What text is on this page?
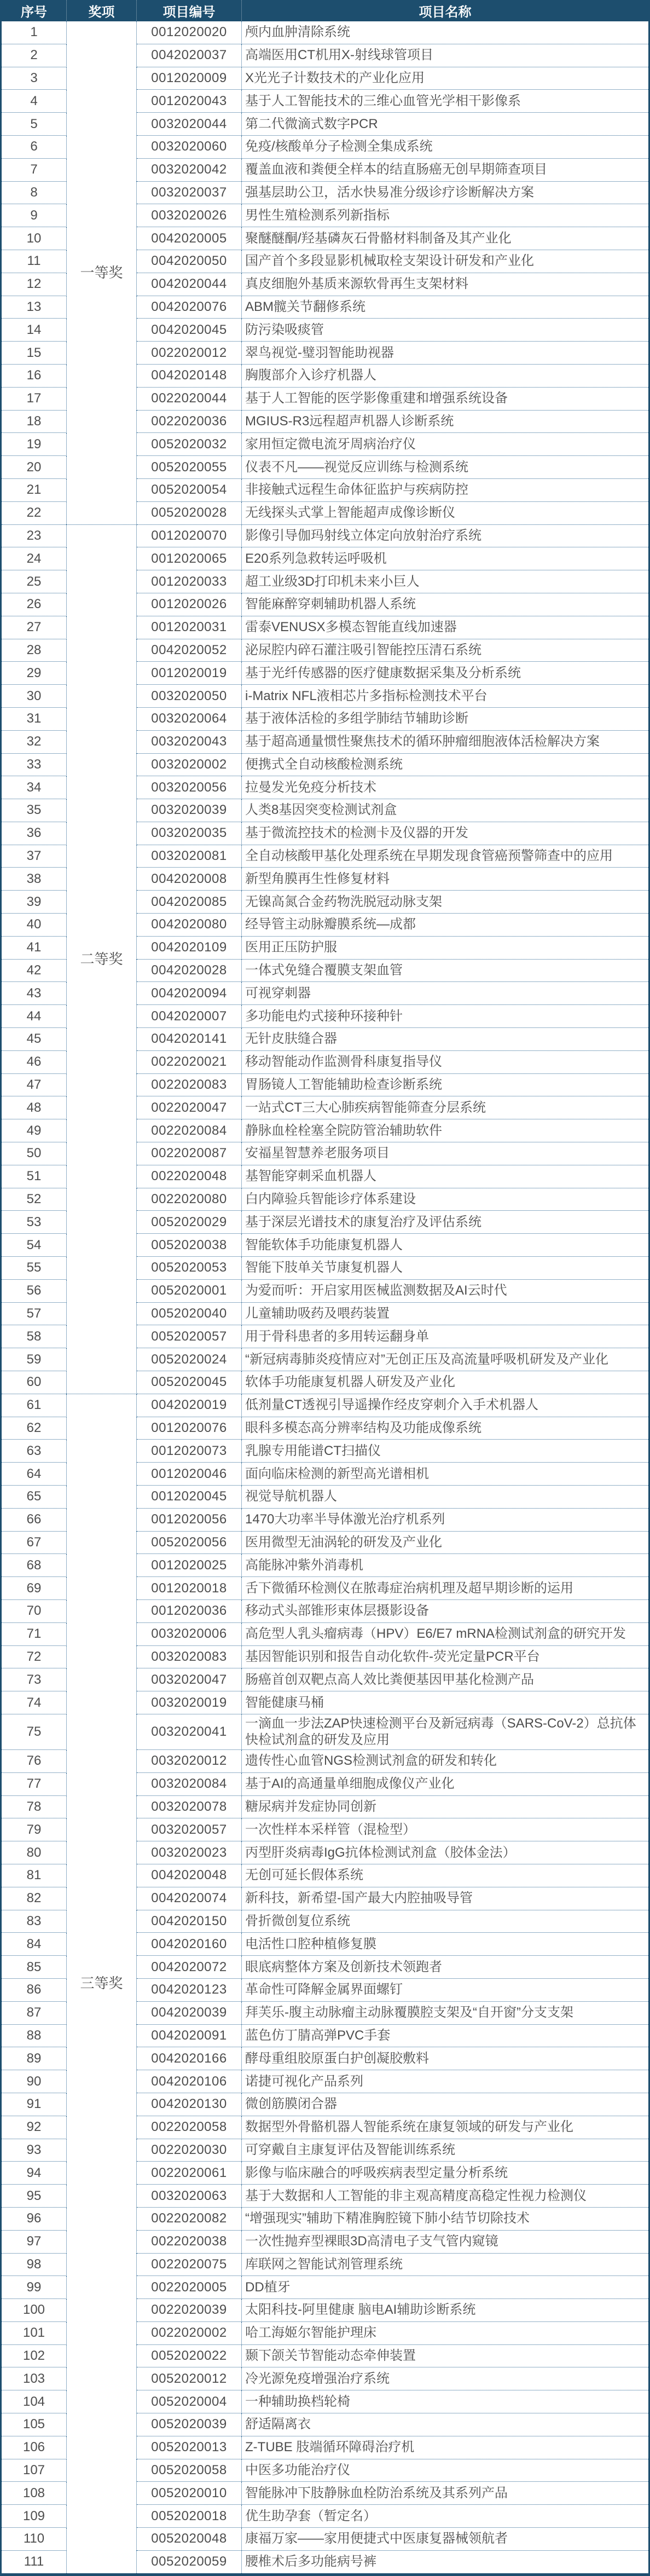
序号	奖项	项目编号	项目名称
1	一等奖	0012020020	颅内血肿清除系统
2		0042020037	高端医用CT机用X-射线球管项目
3		0012020009	X光光子计数技术的产业化应用
4		0012020043	基于人工智能技术的三维心血管光学相干影像系
5		0032020044	第二代微滴式数字PCR
6		0032020060	免疫/核酸单分子检测全集成系统
7		0032020042	覆盖血液和粪便全样本的结直肠癌无创早期筛查项目
8		0032020037	强基层助公卫，活水快易准分级诊疗诊断解决方案
9		0032020026	男性生殖检测系列新指标
10		0042020005	聚醚醚酮/羟基磷灰石骨骼材料制备及其产业化
11		0042020050	国产首个多段显影机械取栓支架设计研发和产业化
12		0042020044	真皮细胞外基质来源软骨再生支架材料
13		0042020076	ABM髋关节翻修系统
14		0042020045	防污染吸痰管
15		0022020012	翠鸟视觉-璧羽智能助视器
16		0042020148	胸腹部介入诊疗机器人
17		0022020044	基于人工智能的医学影像重建和增强系统设备
18		0022020036	MGIUS-R3远程超声机器人诊断系统
19		0052020032	家用恒定微电流牙周病治疗仪
20		0052020055	仪表不凡——视觉反应训练与检测系统
21		0052020054	非接触式远程生命体征监护与疾病防控
22		0052020028	无线探头式掌上智能超声成像诊断仪
23	二等奖	0012020070	影像引导伽玛射线立体定向放射治疗系统
24		0012020065	E20系列急救转运呼吸机
25		0012020033	超工业级3D打印机未来小巨人
26		0012020026	智能麻醉穿刺辅助机器人系统
27		0012020031	雷泰VENUSX多模态智能直线加速器
28		0042020052	泌尿腔内碎石灌注吸引智能控压清石系统
29		0012020019	基于光纤传感器的医疗健康数据采集及分析系统
30		0032020050	i-Matrix NFL液相芯片多指标检测技术平台
31		0032020064	基于液体活检的多组学肺结节辅助诊断
32		0032020043	基于超高通量惯性聚焦技术的循环肿瘤细胞液体活检解决方案
33		0032020002	便携式全自动核酸检测系统
34		0032020056	拉曼发光免疫分析技术
35		0032020039	人类8基因突变检测试剂盒
36		0032020035	基于微流控技术的检测卡及仪器的开发
37		0032020081	全自动核酸甲基化处理系统在早期发现食管癌预警筛查中的应用
38		0042020008	新型角膜再生性修复材料
39		0042020085	无镍高氮合金药物洗脱冠动脉支架
40		0042020080	经导管主动脉瓣膜系统—成都
41		0042020109	医用正压防护服
42		0042020028	一体式免缝合覆膜支架血管
43		0042020094	可视穿刺器
44		0042020007	多功能电灼式接种环接种针
45		0042020141	无针皮肤缝合器
46		0022020021	移动智能动作监测骨科康复指导仪
47		0022020083	胃肠镜人工智能辅助检查诊断系统
48		0022020047	一站式CT三大心肺疾病智能筛查分层系统
49		0022020084	静脉血栓栓塞全院防管治辅助软件
50		0022020087	安福星智慧养老服务项目
51		0022020048	基智能穿刺采血机器人
52		0022020080	白内障验兵智能诊疗体系建设
53		0052020029	基于深层光谱技术的康复治疗及评估系统
54		0052020038	智能软体手功能康复机器人
55		0052020053	智能下肢单关节康复机器人
56		0052020001	为爱而听：开启家用医械监测数据及AI云时代
57		0052020040	儿童辅助吸药及喂药装置
58		0052020057	用于骨科患者的多用转运翻身单
59		0052020024	“新冠病毒肺炎疫情应对”无创正压及高流量呼吸机研发及产业化
60		0052020045	软体手功能康复机器人研发及产业化
61	三等奖	0042020019	低剂量CT透视引导遥操作经皮穿刺介入手术机器人
62		0012020076	眼科多模态高分辨率结构及功能成像系统
63		0012020073	乳腺专用能谱CT扫描仪
64		0012020046	面向临床检测的新型高光谱相机
65		0012020045	视觉导航机器人
66		0012020056	1470大功率半导体激光治疗机系列
67		0052020056	医用微型无油涡轮的研发及产业化
68		0012020025	高能脉冲紫外消毒机
69		0012020018	舌下微循环检测仪在脓毒症治病机理及超早期诊断的运用
70		0012020036	移动式头部锥形束体层摄影设备
71		0032020006	高危型人乳头瘤病毒（HPV）E6/E7 mRNA检测试剂盒的研究开发
72		0032020083	基因智能识别和报告自动化软件-荧光定量PCR平台
73		0032020047	肠癌首创双靶点高人效比粪便基因甲基化检测产品
74		0032020019	智能健康马桶
75		0032020041	一滴血一步法ZAP快速检测平台及新冠病毒（SARS-CoV-2）总抗体快检试剂盒的研发及应用
76		0032020012	遗传性心血管NGS检测试剂盒的研发和转化
77		0032020084	基于AI的高通量单细胞成像仪产业化
78		0032020078	糖尿病并发症协同创新
79		0032020057	一次性样本采样管（混检型）
80		0032020023	丙型肝炎病毒IgG抗体检测试剂盒（胶体金法）
81		0042020048	无创可延长假体系统
82		0042020074	新科技，新希望-国产最大内腔抽吸导管
83		0042020150	骨折微创复位系统
84		0042020160	电活性口腔种植修复膜
85		0042020072	眼底病整体方案及创新技术领跑者
86		0042020123	革命性可降解金属界面螺钉
87		0042020039	拜芙乐-腹主动脉瘤主动脉覆膜腔支架及“自开窗”分支支架
88		0042020091	蓝色仿丁腈高弹PVC手套
89		0042020166	酵母重组胶原蛋白护创凝胶敷料
90		0042020106	诺捷可视化产品系列
91		0042020130	微创筋膜闭合器
92		0022020058	数据型外骨骼机器人智能系统在康复领域的研发与产业化
93		0022020030	可穿戴自主康复评估及智能训练系统
94		0022020061	影像与临床融合的呼吸疾病表型定量分析系统
95		0032020063	基于大数据和人工智能的非主观高精度高稳定性视力检测仪
96		0022020082	“增强现实”辅助下精准胸腔镜下肺小结节切除技术
97		0022020038	一次性抛弃型裸眼3D高清电子支气管内窥镜
98		0022020075	库联网之智能试剂管理系统
99		0022020005	DD植牙
100		0022020039	太阳科技-阿里健康 脑电AI辅助诊断系统
101		0022020002	哈工海姬尔智能护理床
102		0052020022	颞下颌关节智能动态牵伸装置
103		0052020012	冷光源免疫增强治疗系统
104		0052020004	一种辅助换档轮椅
105		0052020039	舒适隔离衣
106		0052020013	Z-TUBE 肢端循环障碍治疗机
107		0052020058	中医多功能治疗仪
108		0052020010	智能脉冲下肢静脉血栓防治系统及其系列产品
109		0052020018	优生助孕套（暂定名）
110		0052020048	康福万家——家用便捷式中医康复器械领航者
111		0052020059	腰椎术后多功能病号裤
